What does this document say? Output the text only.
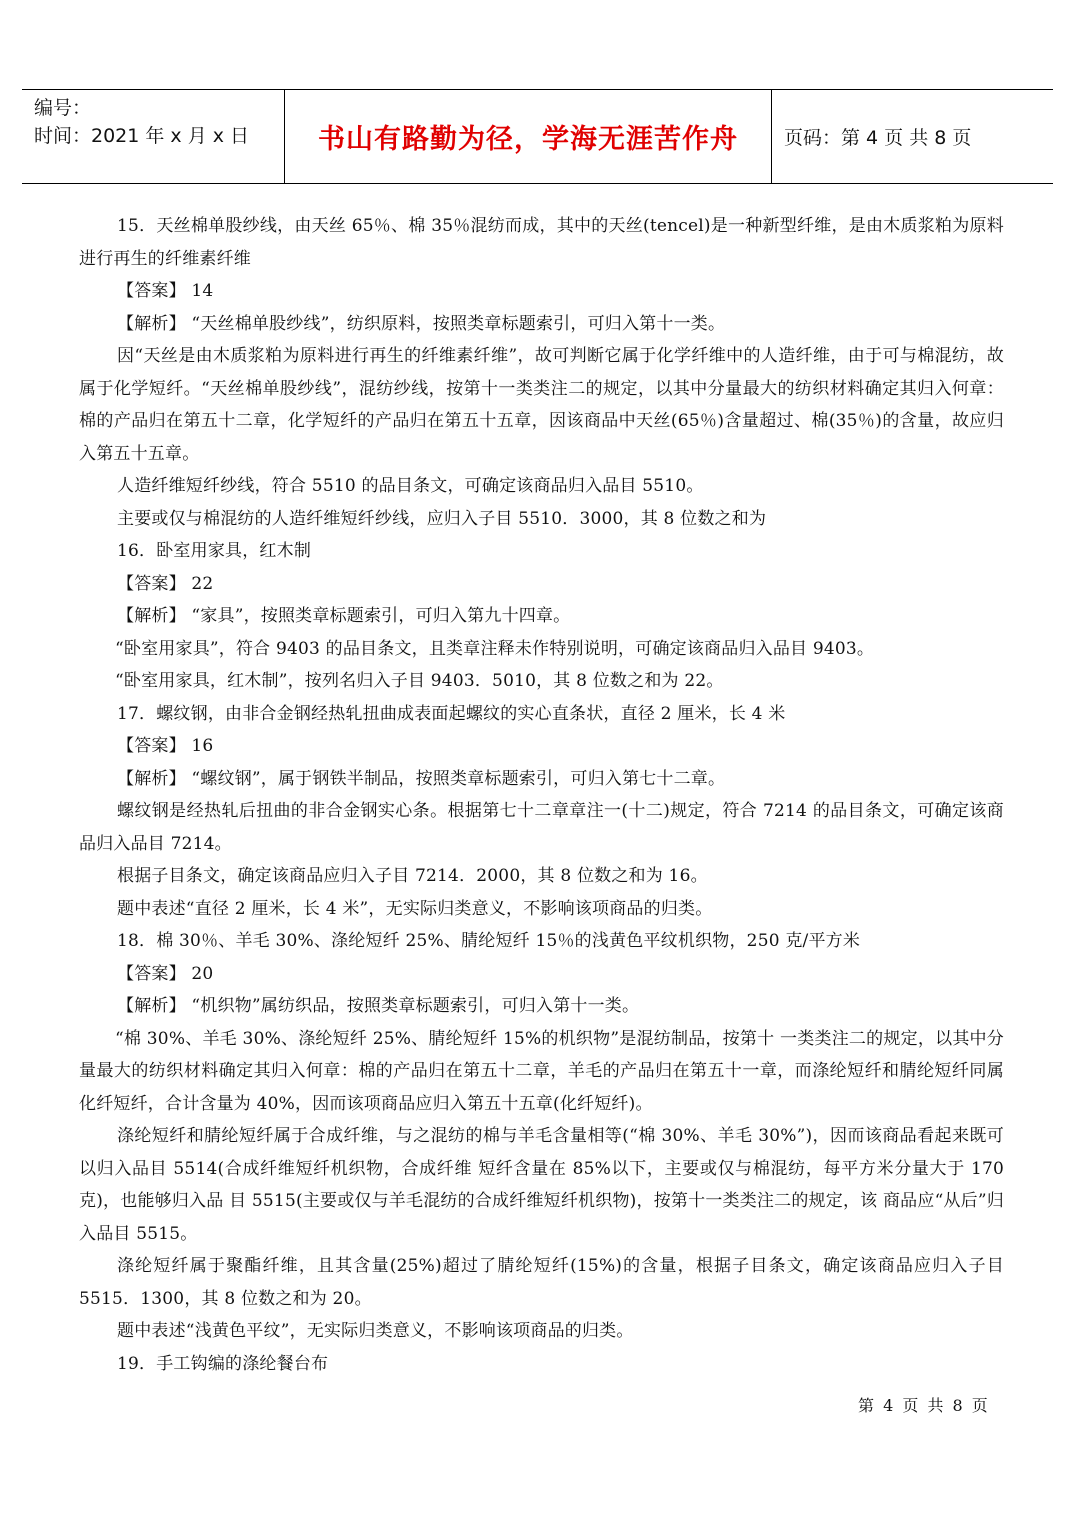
编号：
时间：2021 年 x 月 x 日	书山有路勤为径，学海无涯苦作舟	页码：第 4 页 共 8 页

15．天丝棉单股纱线，由天丝 65％、棉 35％混纺而成，其中的天丝(tencel)是一种新型纤维，是由木质浆粕为原料进行再生的纤维素纤维

【答案】 14

【解析】 “天丝棉单股纱线”，纺织原料，按照类章标题索引，可归入第十一类。

因“天丝是由木质浆粕为原料进行再生的纤维素纤维”，故可判断它属于化学纤维中的人造纤维，由于可与棉混纺，故属于化学短纤。“天丝棉单股纱线”，混纺纱线，按第十一类类注二的规定，以其中分量最大的纺织材料确定其归入何章：棉的产品归在第五十二章，化学短纤的产品归在第五十五章，因该商品中天丝(65％)含量超过、棉(35％)的含量，故应归入第五十五章。

人造纤维短纤纱线，符合 5510 的品目条文，可确定该商品归入品目 5510。

主要或仅与棉混纺的人造纤维短纤纱线，应归入子目 5510．3000，其 8 位数之和为

16．卧室用家具，红木制

【答案】 22

【解析】 “家具”，按照类章标题索引，可归入第九十四章。

“卧室用家具”，符合 9403 的品目条文，且类章注释未作特别说明，可确定该商品归入品目 9403。

“卧室用家具，红木制”，按列名归入子目 9403．5010，其 8 位数之和为 22。

17．螺纹钢，由非合金钢经热轧扭曲成表面起螺纹的实心直条状，直径 2 厘米，长 4 米

【答案】 16

【解析】 “螺纹钢”，属于钢铁半制品，按照类章标题索引，可归入第七十二章。

螺纹钢是经热轧后扭曲的非合金钢实心条。根据第七十二章章注一(十二)规定，符合 7214 的品目条文，可确定该商品归入品目 7214。

根据子目条文，确定该商品应归入子目 7214．2000，其 8 位数之和为 16。

题中表述“直径 2 厘米，长 4 米”，无实际归类意义，不影响该项商品的归类。

18．棉 30％、羊毛 30%、涤纶短纤 25%、腈纶短纤 15％的浅黄色平纹机织物，250 克/平方米

【答案】 20

【解析】 “机织物”属纺织品，按照类章标题索引，可归入第十一类。

“棉 30%、羊毛 30%、涤纶短纤 25%、腈纶短纤 15%的机织物”是混纺制品，按第十 一类类注二的规定，以其中分量最大的纺织材料确定其归入何章：棉的产品归在第五十二章，羊毛的产品归在第五十一章，而涤纶短纤和腈纶短纤同属化纤短纤，合计含量为 40%，因而该项商品应归入第五十五章(化纤短纤)。

涤纶短纤和腈纶短纤属于合成纤维，与之混纺的棉与羊毛含量相等(“棉 30%、羊毛 30%”)，因而该商品看起来既可以归入品目 5514(合成纤维短纤机织物，合成纤维 短纤含量在 85%以下，主要或仅与棉混纺，每平方米分量大于 170 克)，也能够归入品 目 5515(主要或仅与羊毛混纺的合成纤维短纤机织物)，按第十一类类注二的规定，该 商品应“从后”归入品目 5515。

涤纶短纤属于聚酯纤维，且其含量(25%)超过了腈纶短纤(15%)的含量，根据子目条文，确定该商品应归入子目 5515．1300，其 8 位数之和为 20。

题中表述“浅黄色平纹”，无实际归类意义，不影响该项商品的归类。

19．手工钩编的涤纶餐台布

第 4 页 共 8 页
